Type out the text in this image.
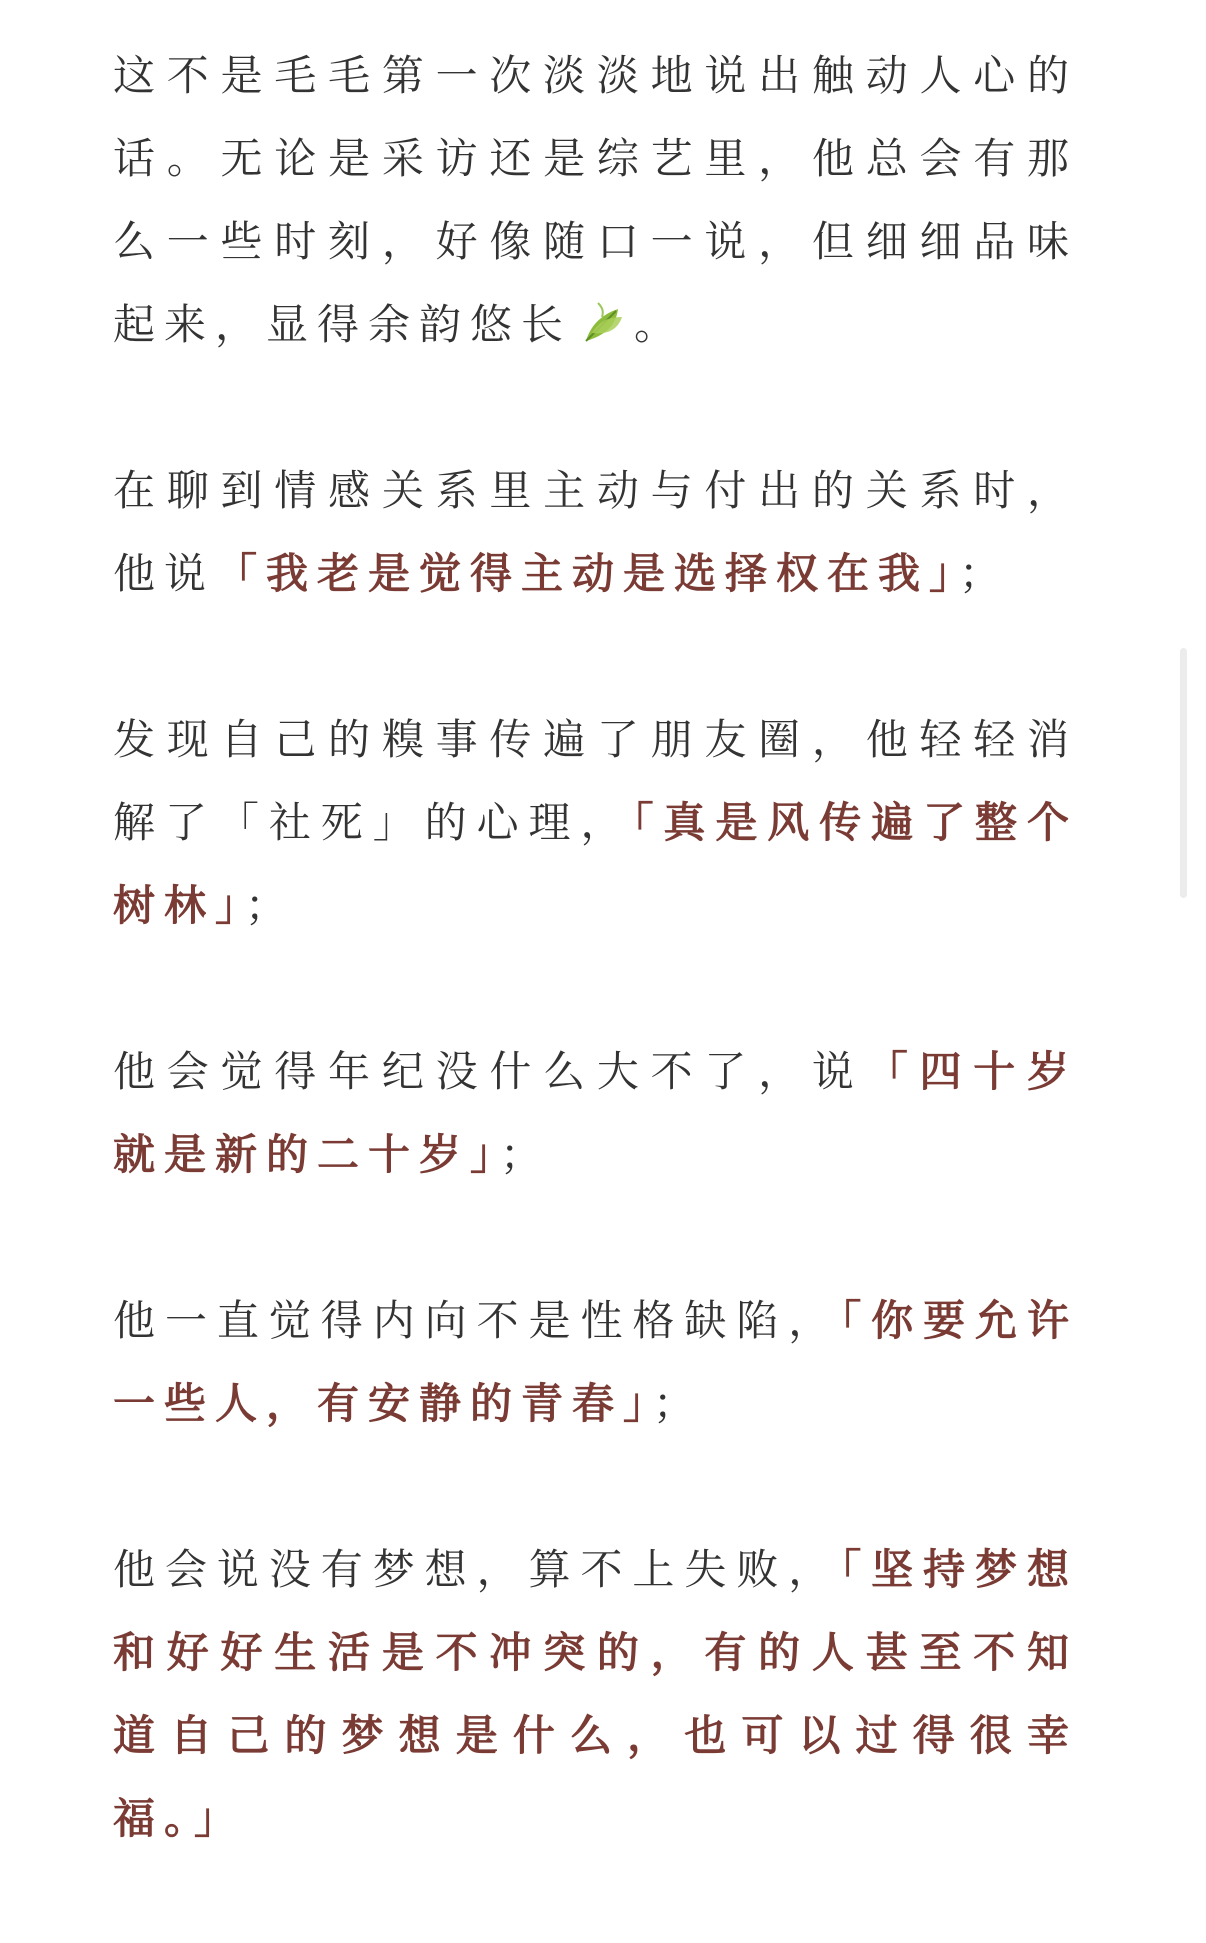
这不是毛毛第一次淡淡地说出触动人心的话。无论是采访还是综艺里，他总会有那么一些时刻，好像随口一说，但细细品味起来，显得余韵悠长 。

在聊到情感关系里主动与付出的关系时，他说「我老是觉得主动是选择权在我」；

发现自己的糗事传遍了朋友圈，他轻轻消解了「社死」的心理，「真是风传遍了整个树林」；

他会觉得年纪没什么大不了，说「四十岁就是新的二十岁」；

他一直觉得内向不是性格缺陷，「你要允许一些人，有安静的青春」；

他会说没有梦想，算不上失败，「坚持梦想和好好生活是不冲突的，有的人甚至不知道自己的梦想是什么，也可以过得很幸福。」
